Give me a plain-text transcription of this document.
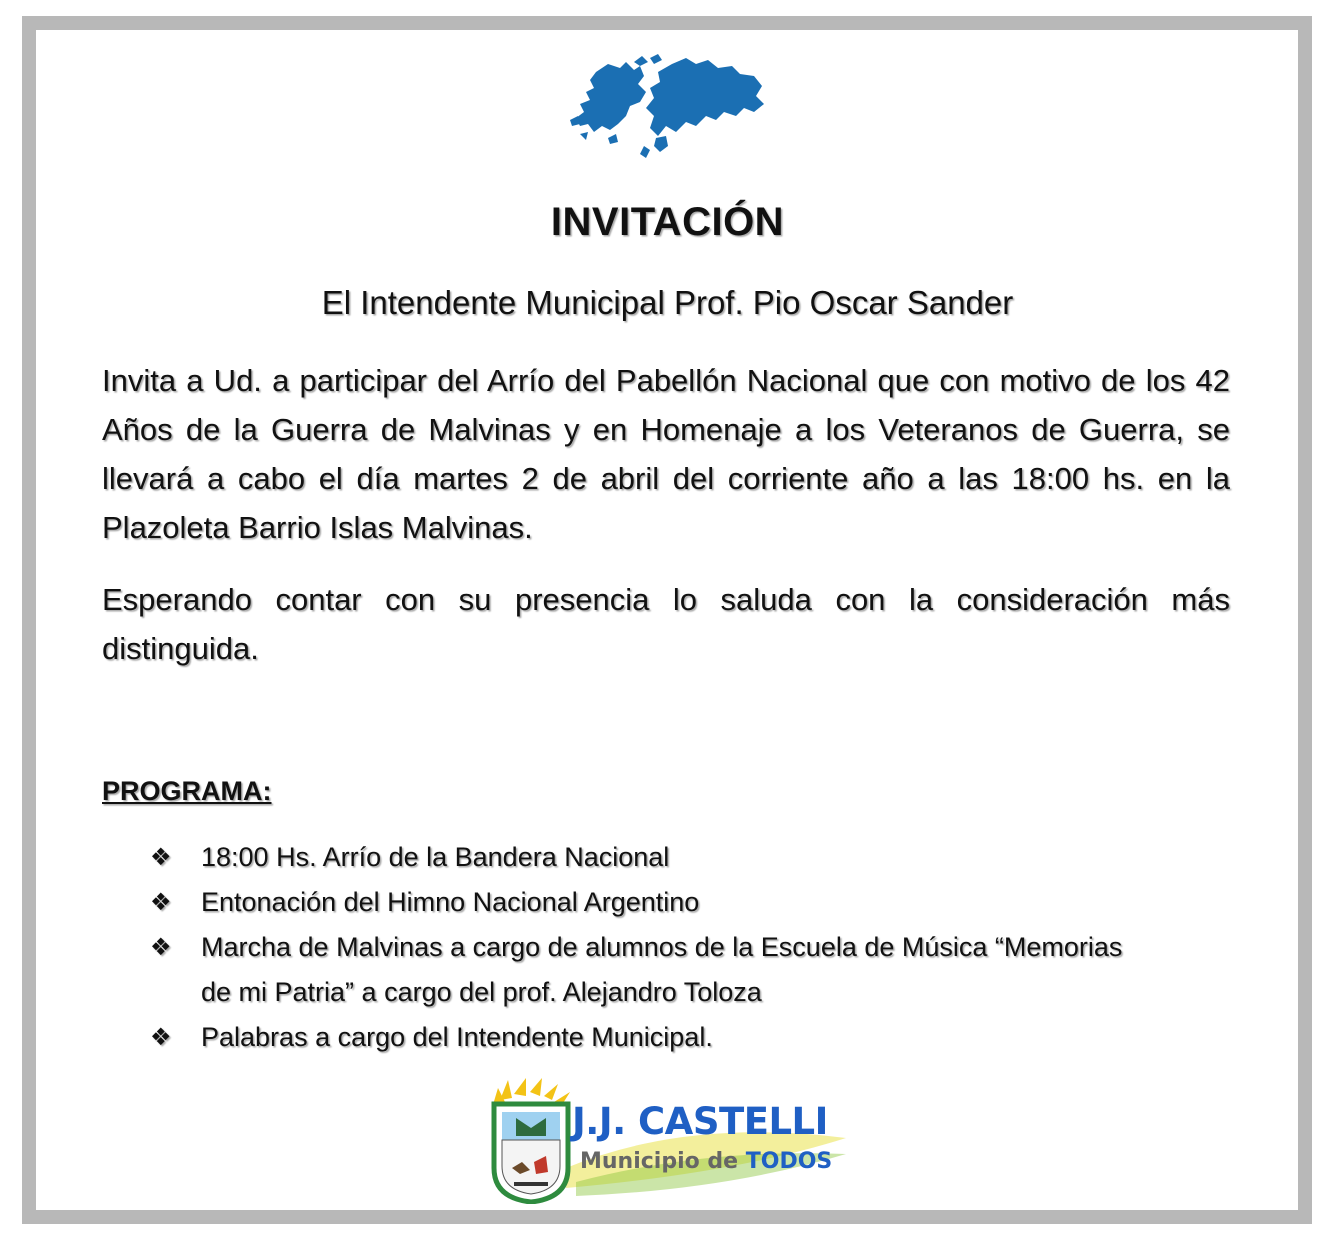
INVITACIÓN
El Intendente Municipal Prof. Pio Oscar Sander
Invita a Ud. a participar del Arrío del Pabellón Nacional que con motivo de los 42 Años de la Guerra de Malvinas y en Homenaje a los Veteranos de Guerra, se llevará a cabo el día martes 2 de abril del corriente año a las 18:00 hs. en la Plazoleta Barrio Islas Malvinas.
Esperando contar con su presencia lo saluda con la consideración más distinguida.
PROGRAMA:
❖ 18:00 Hs. Arrío de la Bandera Nacional
❖ Entonación del Himno Nacional Argentino
❖ Marcha de Malvinas a cargo de alumnos de la Escuela de Música “Memorias de mi Patria” a cargo del prof. Alejandro Toloza
❖ Palabras a cargo del Intendente Municipal.
J.J. CASTELLI
Municipio de TODOS
